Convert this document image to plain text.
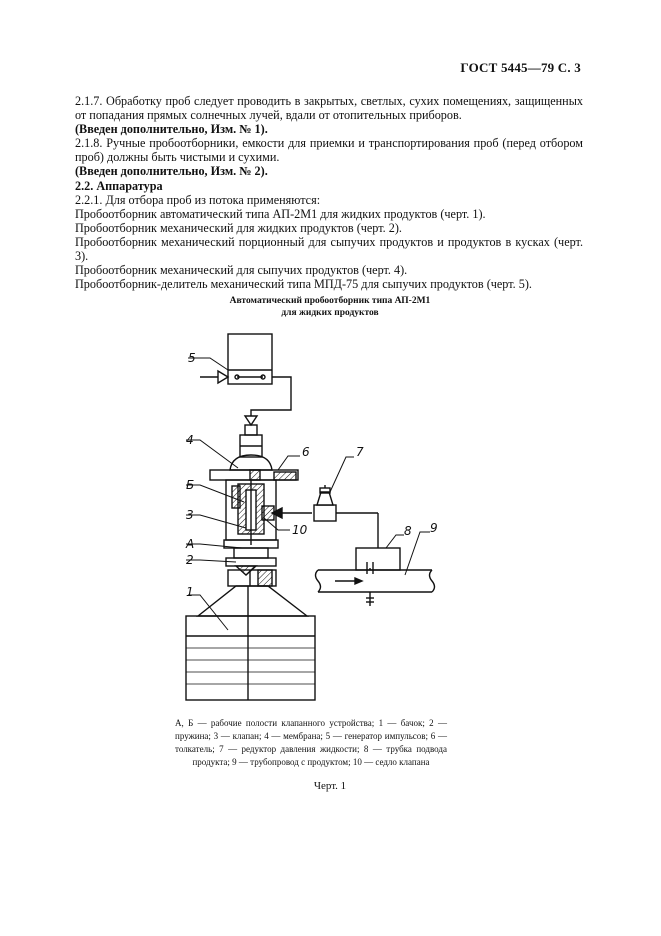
ГОСТ 5445—79 С. 3

2.1.7. Обработку проб следует проводить в закрытых, светлых, сухих помещениях, защищенных от попадания прямых солнечных лучей, вдали от отопительных приборов.

(Введен дополнительно, Изм. № 1).

2.1.8. Ручные пробоотборники, емкости для приемки и транспортирования проб (перед отбором проб) должны быть чистыми и сухими.

(Введен дополнительно, Изм. № 2).

2.2. Аппаратура

2.2.1. Для отбора проб из потока применяются:

Пробоотборник автоматический типа АП-2М1 для жидких продуктов (черт. 1).

Пробоотборник механический для жидких продуктов (черт. 2).

Пробоотборник механический порционный для сыпучих продуктов и продуктов в кусках (черт. 3).

Пробоотборник механический для сыпучих продуктов (черт. 4).

Пробоотборник-делитель механический типа МПД-75 для сыпучих продуктов (черт. 5).

Автоматический пробоотборник типа АП-2М1
для жидких продуктов
5
4
6
Б
3
А
2
1
7
8 9
10
А, Б — рабочие полости клапанного устройства; 1 — бачок; 2 — пружина; 3 — клапан; 4 — мембрана; 5 — генератор импульсов; 6 — толкатель; 7 — редуктор давления жидкости; 8 — трубка подвода продукта; 9 — трубопровод с продуктом; 10 — седло клапана
Черт. 1
